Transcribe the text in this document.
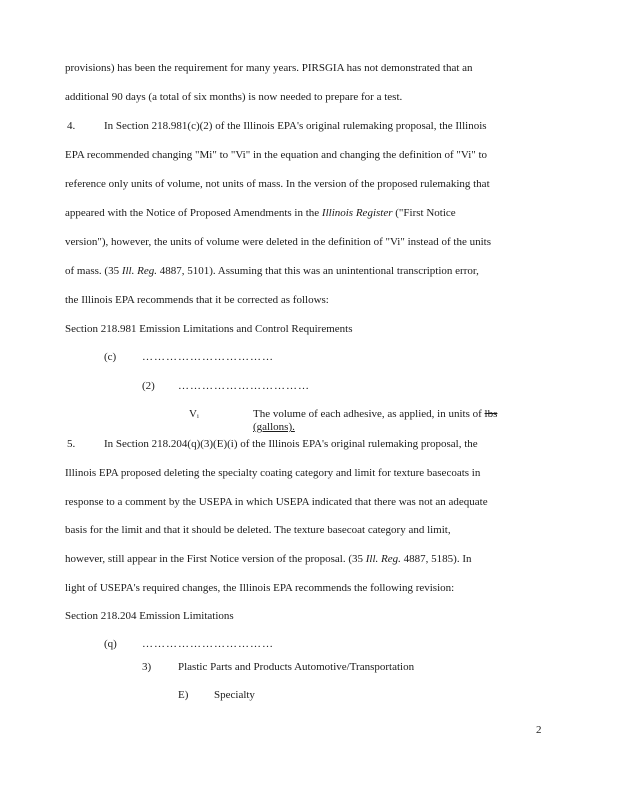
provisions) has been the requirement for many years. PIRSGIA has not demonstrated that an
additional 90 days (a total of six months) is now needed to prepare for a test.
4.	In Section 218.981(c)(2) of the Illinois EPA's original rulemaking proposal, the Illinois
EPA recommended changing "Mi" to "Vi" in the equation and changing the definition of "Vi" to
reference only units of volume, not units of mass. In the version of the proposed rulemaking that
appeared with the Notice of Proposed Amendments in the Illinois Register ("First Notice
version"), however, the units of volume were deleted in the definition of "Vi" instead of the units
of mass. (35 Ill. Reg. 4887, 5101). Assuming that this was an unintentional transcription error,
the Illinois EPA recommends that it be corrected as follows:
Section 218.981 Emission Limitations and Control Requirements
(c) ……………………………
(2) ……………………………
Vᵢ	The volume of each adhesive, as applied, in units of lbs
(gallons).
5.	In Section 218.204(q)(3)(E)(i) of the Illinois EPA's original rulemaking proposal, the
Illinois EPA proposed deleting the specialty coating category and limit for texture basecoats in
response to a comment by the USEPA in which USEPA indicated that there was not an adequate
basis for the limit and that it should be deleted. The texture basecoat category and limit,
however, still appear in the First Notice version of the proposal. (35 Ill. Reg. 4887, 5185). In
light of USEPA's required changes, the Illinois EPA recommends the following revision:
Section 218.204 Emission Limitations
(q) ……………………………
3) Plastic Parts and Products Automotive/Transportation
E) Specialty
2
